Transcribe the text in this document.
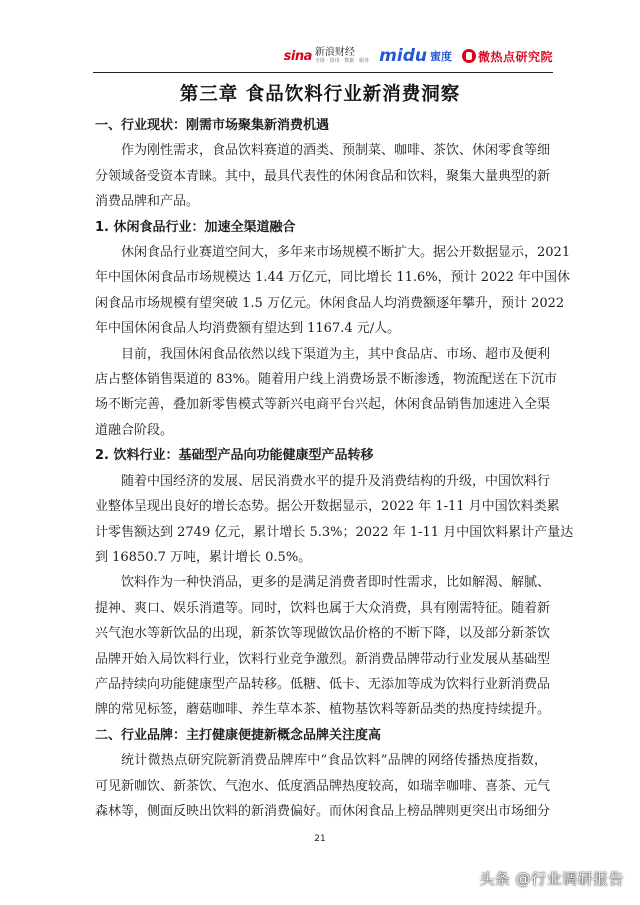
sina 新浪财经
全球 · 资讯 · 数据 · 服务 midu 蜜度 微热点研究院
第三章 食品饮料行业新消费洞察
一、行业现状：刚需市场聚集新消费机遇
作为刚性需求，食品饮料赛道的酒类、预制菜、咖啡、茶饮、休闲零食等细
分领域备受资本青睐。其中，最具代表性的休闲食品和饮料，聚集大量典型的新
消费品牌和产品。
1. 休闲食品行业：加速全渠道融合
休闲食品行业赛道空间大，多年来市场规模不断扩大。据公开数据显示，2021
年中国休闲食品市场规模达 1.44 万亿元，同比增长 11.6%，预计 2022 年中国休
闲食品市场规模有望突破 1.5 万亿元。休闲食品人均消费额逐年攀升，预计 2022
年中国休闲食品人均消费额有望达到 1167.4 元/人。
目前，我国休闲食品依然以线下渠道为主，其中食品店、市场、超市及便利
店占整体销售渠道的 83%。随着用户线上消费场景不断渗透，物流配送在下沉市
场不断完善，叠加新零售模式等新兴电商平台兴起，休闲食品销售加速进入全渠
道融合阶段。
2. 饮料行业：基础型产品向功能健康型产品转移
随着中国经济的发展、居民消费水平的提升及消费结构的升级，中国饮料行
业整体呈现出良好的增长态势。据公开数据显示，2022 年 1-11 月中国饮料类累
计零售额达到 2749 亿元，累计增长 5.3%；2022 年 1-11 月中国饮料累计产量达
到 16850.7 万吨，累计增长 0.5%。
饮料作为一种快消品，更多的是满足消费者即时性需求，比如解渴、解腻、
提神、爽口、娱乐消遣等。同时，饮料也属于大众消费，具有刚需特征。随着新
兴气泡水等新饮品的出现，新茶饮等现做饮品价格的不断下降，以及部分新茶饮
品牌开始入局饮料行业，饮料行业竞争激烈。新消费品牌带动行业发展从基础型
产品持续向功能健康型产品转移。低糖、低卡、无添加等成为饮料行业新消费品
牌的常见标签，蘑菇咖啡、养生草本茶、植物基饮料等新品类的热度持续提升。
二、行业品牌：主打健康便捷新概念品牌关注度高
统计微热点研究院新消费品牌库中“食品饮料”品牌的网络传播热度指数，
可见新咖饮、新茶饮、气泡水、低度酒品牌热度较高，如瑞幸咖啡、喜茶、元气
森林等，侧面反映出饮料的新消费偏好。而休闲食品上榜品牌则更突出市场细分
21
头条 @行业调研报告
